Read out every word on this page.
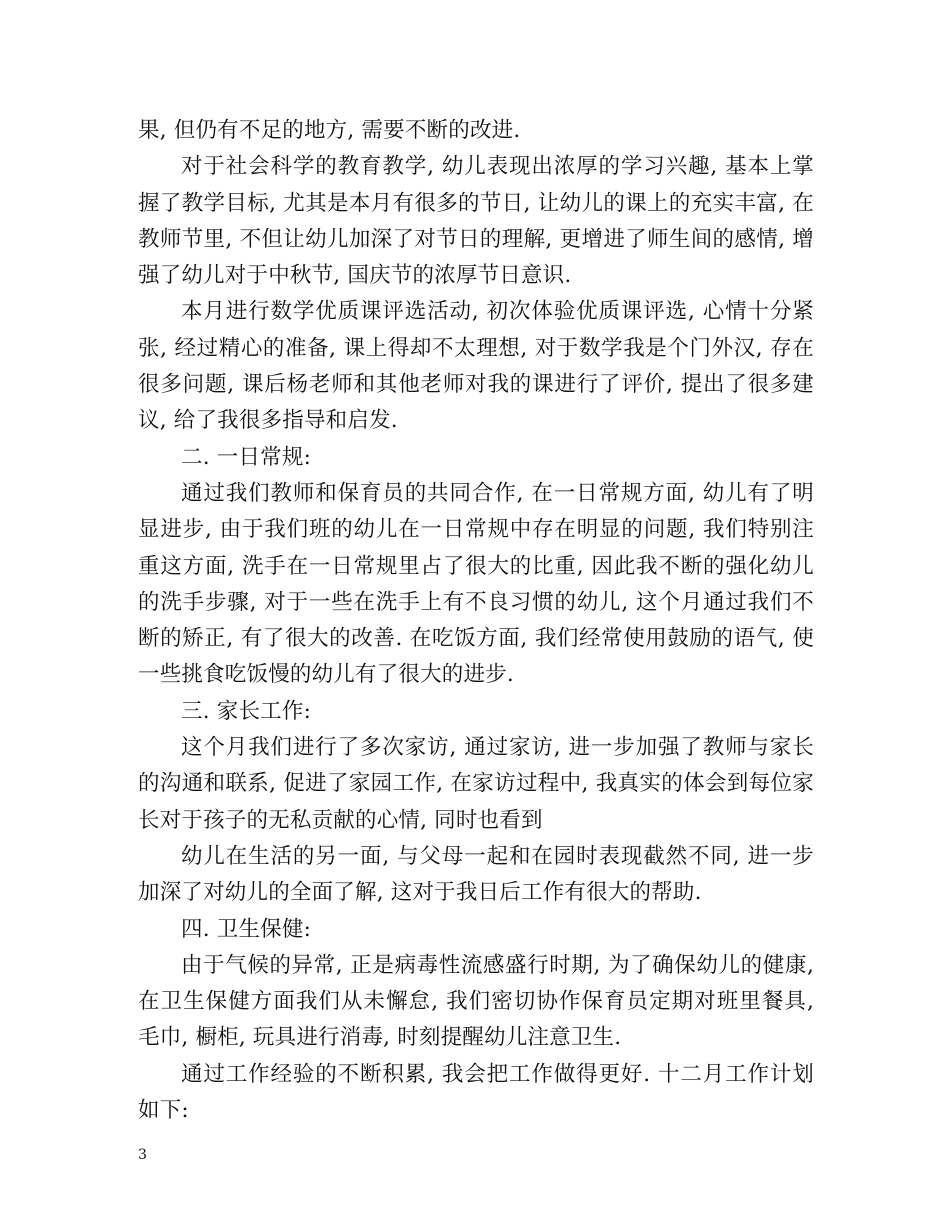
果, 但仍有不足的地方, 需要不断的改进.

对于社会科学的教育教学, 幼儿表现出浓厚的学习兴趣, 基本上掌握了教学目标, 尤其是本月有很多的节日, 让幼儿的课上的充实丰富, 在教师节里, 不但让幼儿加深了对节日的理解, 更增进了师生间的感情, 增强了幼儿对于中秋节, 国庆节的浓厚节日意识.

本月进行数学优质课评选活动, 初次体验优质课评选, 心情十分紧张, 经过精心的准备, 课上得却不太理想, 对于数学我是个门外汉, 存在很多问题, 课后杨老师和其他老师对我的课进行了评价, 提出了很多建议, 给了我很多指导和启发.

二. 一日常规:

通过我们教师和保育员的共同合作, 在一日常规方面, 幼儿有了明显进步, 由于我们班的幼儿在一日常规中存在明显的问题, 我们特别注重这方面, 洗手在一日常规里占了很大的比重, 因此我不断的强化幼儿的洗手步骤, 对于一些在洗手上有不良习惯的幼儿, 这个月通过我们不断的矫正, 有了很大的改善. 在吃饭方面, 我们经常使用鼓励的语气, 使一些挑食吃饭慢的幼儿有了很大的进步.

三. 家长工作:

这个月我们进行了多次家访, 通过家访, 进一步加强了教师与家长的沟通和联系, 促进了家园工作, 在家访过程中, 我真实的体会到每位家长对于孩子的无私贡献的心情, 同时也看到

幼儿在生活的另一面, 与父母一起和在园时表现截然不同, 进一步加深了对幼儿的全面了解, 这对于我日后工作有很大的帮助.

四. 卫生保健:

由于气候的异常, 正是病毒性流感盛行时期, 为了确保幼儿的健康, 在卫生保健方面我们从未懈怠, 我们密切协作保育员定期对班里餐具, 毛巾, 橱柜, 玩具进行消毒, 时刻提醒幼儿注意卫生.

通过工作经验的不断积累, 我会把工作做得更好. 十二月工作计划如下:

3
